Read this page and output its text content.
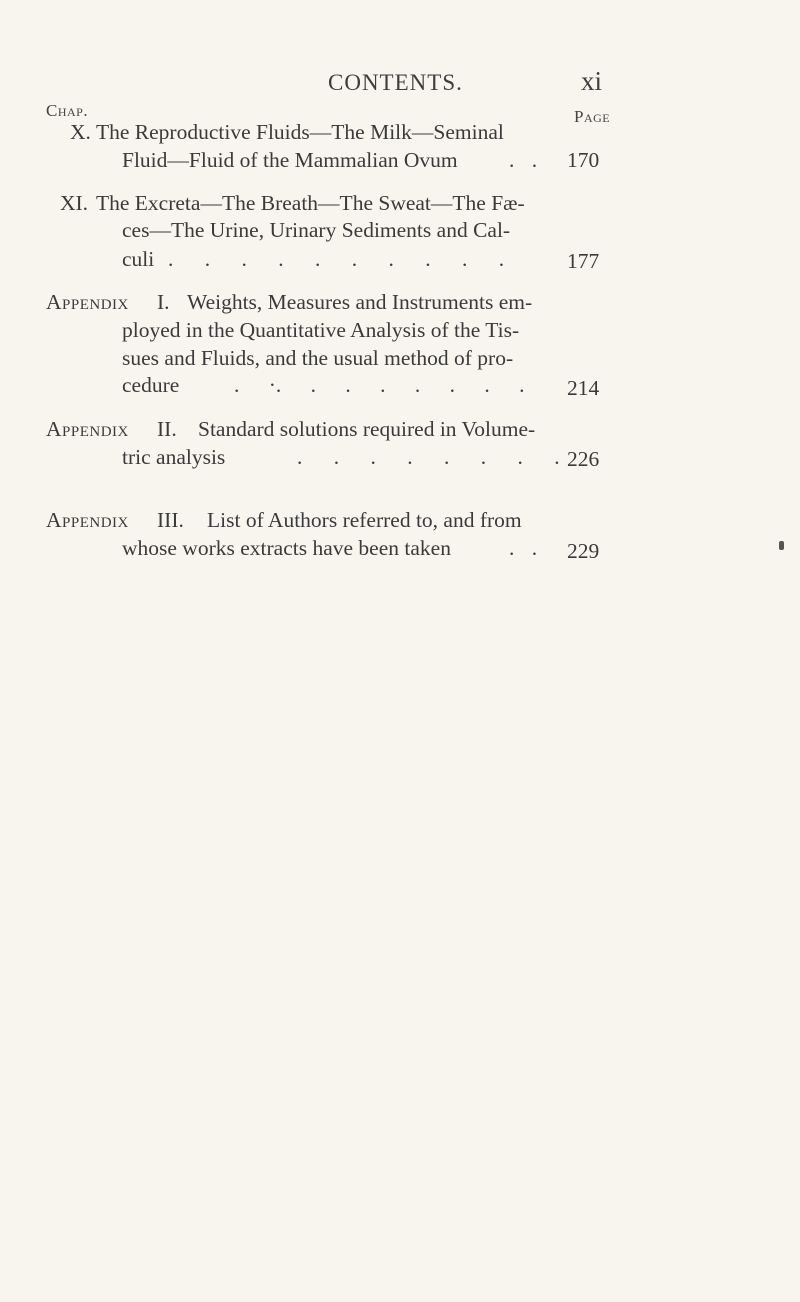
CONTENTS.	xi
Chap.	Page
X. The Reproductive Fluids—The Milk—Seminal
Fluid—Fluid of the Mammalian Ovum . . 170
XI. The Excreta—The Breath—The Sweat—The Fæ-
ces—The Urine, Urinary Sediments and Cal-
culi . . . . . . . . . .	177
Appendix I. Weights, Measures and Instruments em-
ployed in the Quantitative Analysis of the Tis-
sues and Fluids, and the usual method of pro-
cedure	. ·. . . . . . . . 214
Appendix II. Standard solutions required in Volume-
tric analysis	. . . . . . . . 226
Appendix III. List of Authors referred to, and from
whose works extracts have been taken	. . 229
